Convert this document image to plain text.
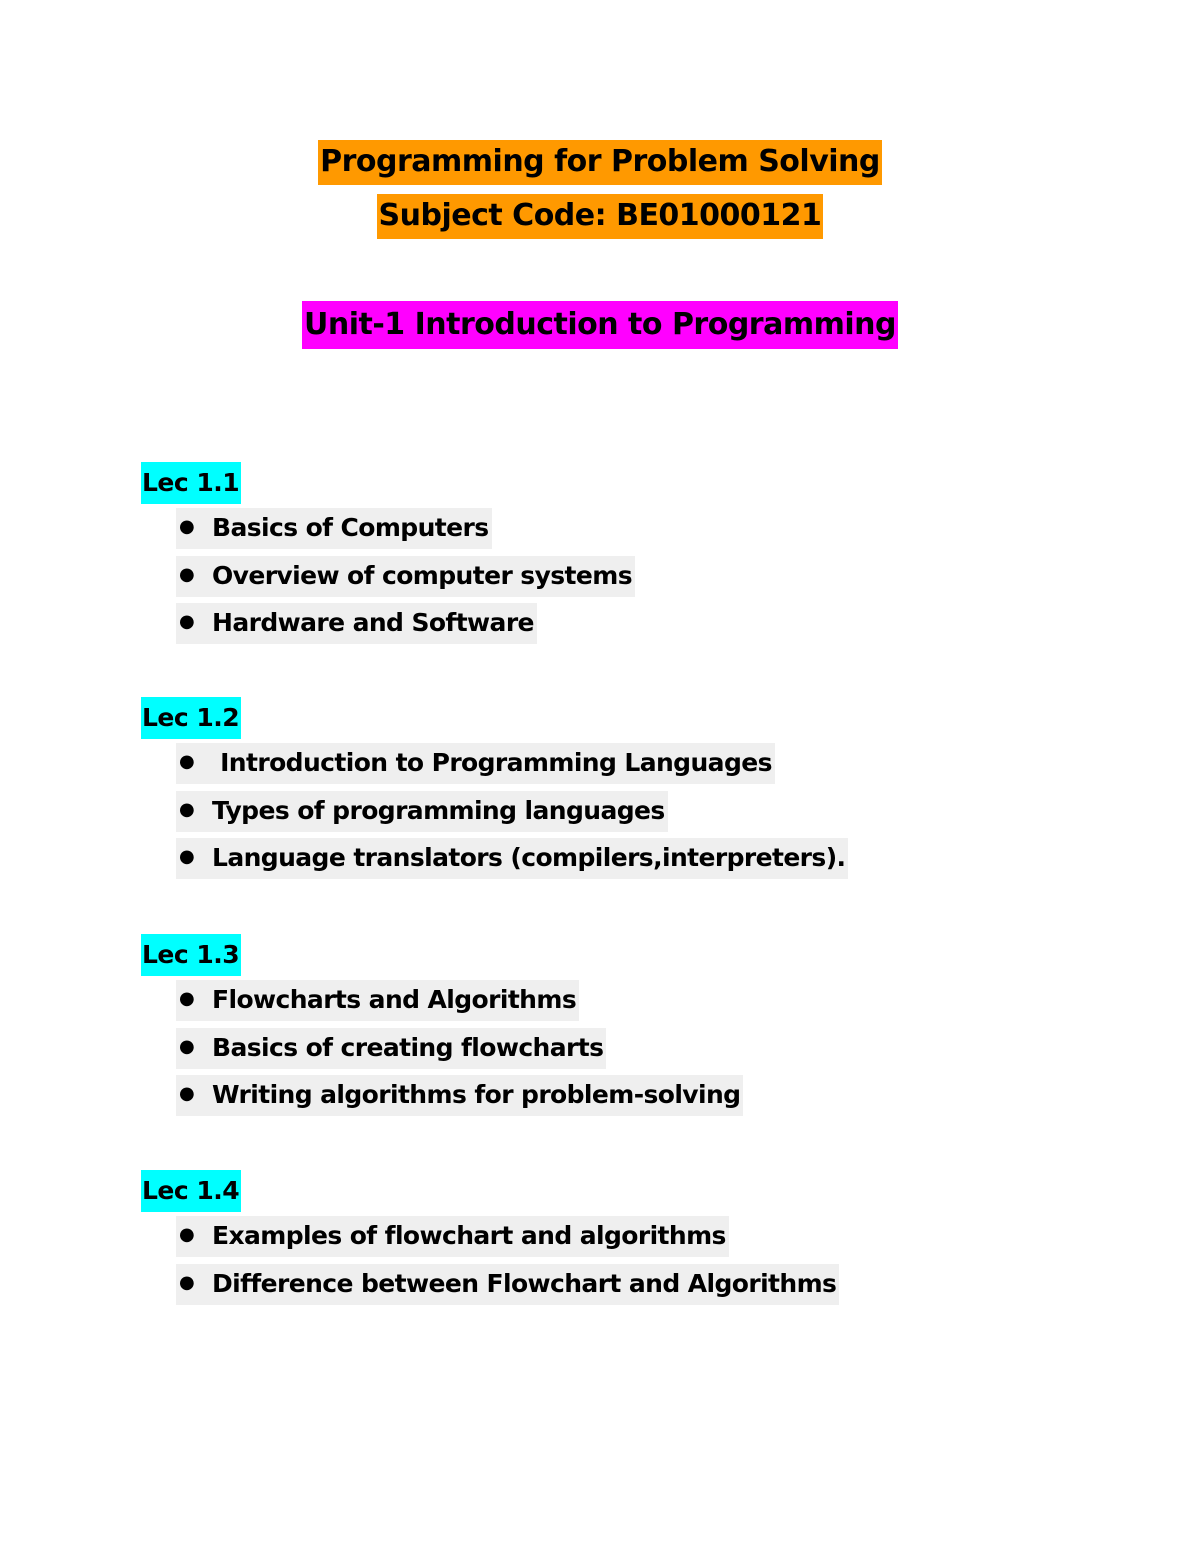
Programming for Problem Solving
Subject Code: BE01000121
Unit-1 Introduction to Programming
Lec 1.1
● Basics of Computers
● Overview of computer systems
● Hardware and Software
Lec 1.2
● Introduction to Programming Languages
● Types of programming languages
● Language translators (compilers,interpreters).
Lec 1.3
● Flowcharts and Algorithms
● Basics of creating flowcharts
● Writing algorithms for problem-solving
Lec 1.4
● Examples of flowchart and algorithms
● Difference between Flowchart and Algorithms
